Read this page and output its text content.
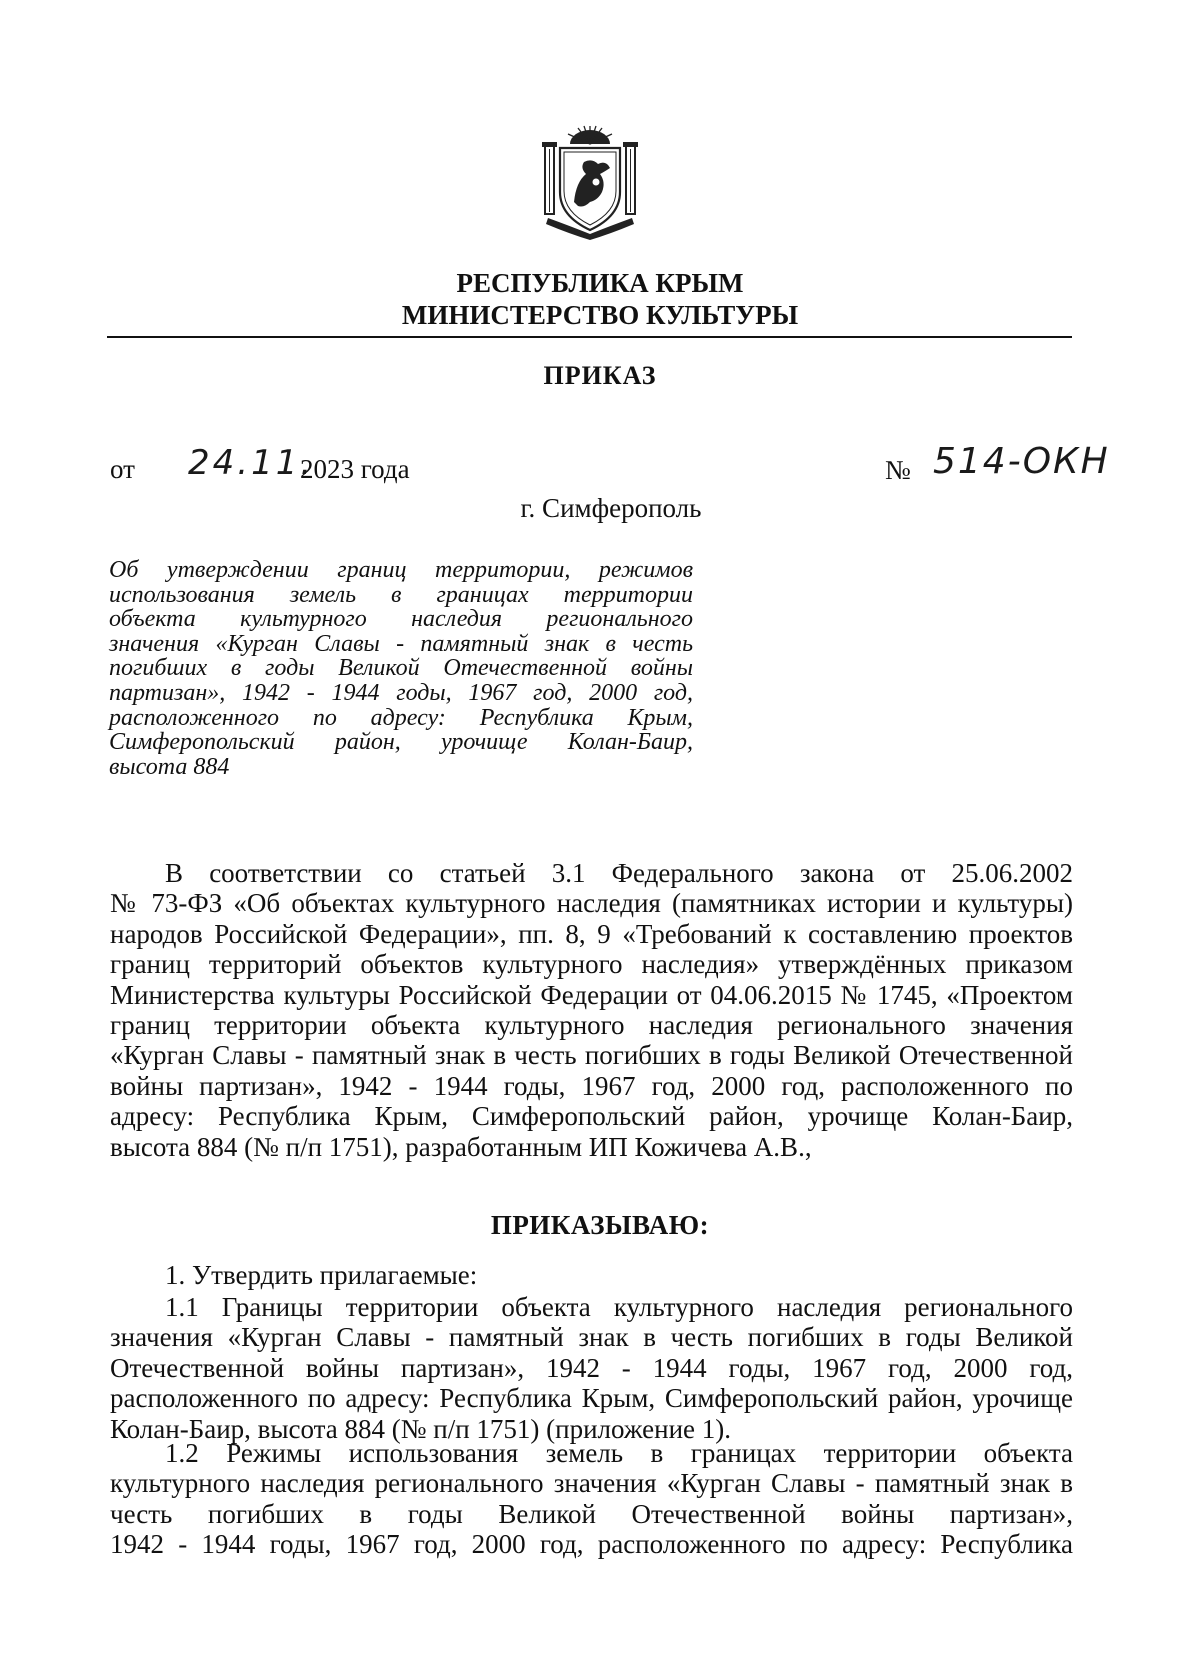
РЕСПУБЛИКА КРЫМ
МИНИСТЕРСТВО КУЛЬТУРЫ
ПРИКАЗ
от 24.11.
2023 года	№ 514-ОКН
г. Симферополь
Об утверждении границ территории, режимов
использования земель в границах территории
объекта культурного наследия регионального
значения «Курган Славы - памятный знак в честь
погибших в годы Великой Отечественной войны
партизан», 1942 - 1944 годы, 1967 год, 2000 год,
расположенного по адресу: Республика Крым,
Симферопольский район, урочище Колан-Баир,
высота 884
В соответствии со статьей 3.1 Федерального закона от 25.06.2002
№ 73-ФЗ «Об объектах культурного наследия (памятниках истории и культуры)
народов Российской Федерации», пп. 8, 9 «Требований к составлению проектов
границ территорий объектов культурного наследия» утверждённых приказом
Министерства культуры Российской Федерации от 04.06.2015 № 1745, «Проектом
границ территории объекта культурного наследия регионального значения
«Курган Славы - памятный знак в честь погибших в годы Великой Отечественной
войны партизан», 1942 - 1944 годы, 1967 год, 2000 год, расположенного по
адресу: Республика Крым, Симферопольский район, урочище Колан-Баир,
высота 884 (№ п/п 1751), разработанным ИП Кожичева А.В.,
ПРИКАЗЫВАЮ:
1. Утвердить прилагаемые:
1.1 Границы территории объекта культурного наследия регионального
значения «Курган Славы - памятный знак в честь погибших в годы Великой
Отечественной войны партизан», 1942 - 1944 годы, 1967 год, 2000 год,
расположенного по адресу: Республика Крым, Симферопольский район, урочище
Колан-Баир, высота 884 (№ п/п 1751) (приложение 1).
1.2 Режимы использования земель в границах территории объекта
культурного наследия регионального значения «Курган Славы - памятный знак в
честь погибших в годы Великой Отечественной войны партизан»,
1942 - 1944 годы, 1967 год, 2000 год, расположенного по адресу: Республика
